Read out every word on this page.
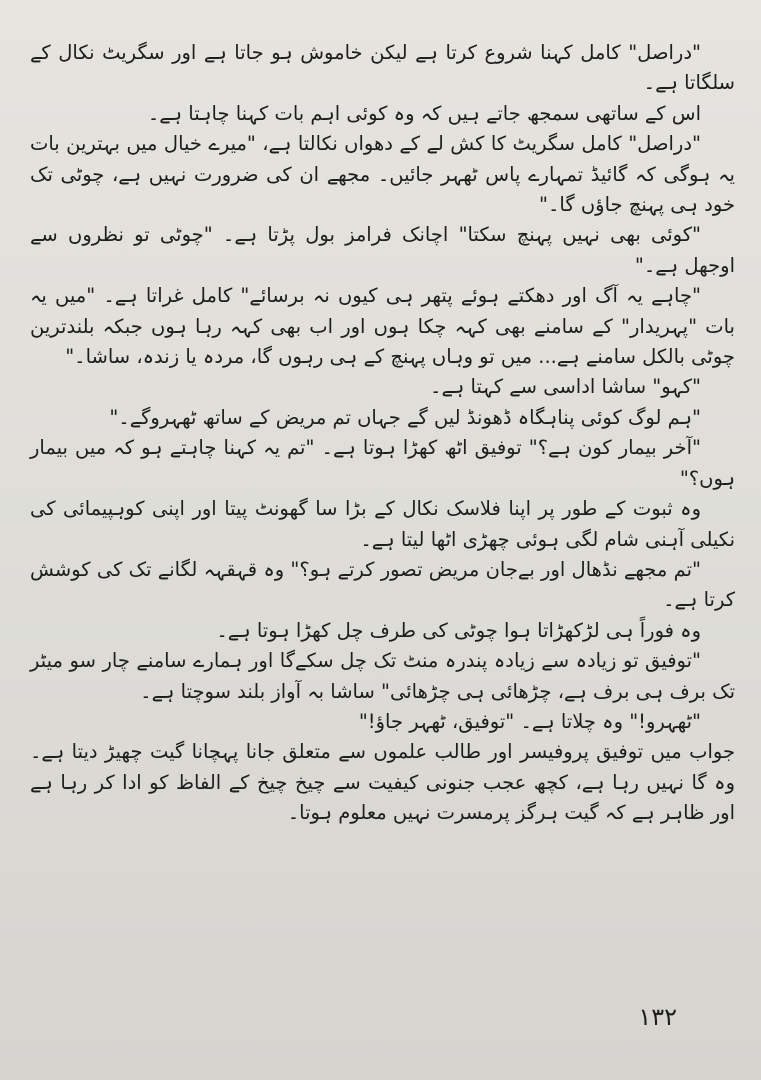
"دراصل" کامل کہنا شروع کرتا ہے لیکن خاموش ہو جاتا ہے اور سگریٹ نکال کے سلگاتا ہے۔

اس کے ساتھی سمجھ جاتے ہیں کہ وہ کوئی اہم بات کہنا چاہتا ہے۔

"دراصل" کامل سگریٹ کا کش لے کے دھواں نکالتا ہے، "میرے خیال میں بہترین بات یہ ہوگی کہ گائیڈ تمہارے پاس ٹھہر جائیں۔ مجھے ان کی ضرورت نہیں ہے، چوٹی تک خود ہی پہنچ جاؤں گا۔"

"کوئی بھی نہیں پہنچ سکتا" اچانک فرامز بول پڑتا ہے۔ "چوٹی تو نظروں سے اوجھل ہے۔"

"چاہے یہ آگ اور دھکتے ہوئے پتھر ہی کیوں نہ برسائے" کامل غراتا ہے۔ "میں یہ بات "پہریدار" کے سامنے بھی کہہ چکا ہوں اور اب بھی کہہ رہا ہوں جبکہ بلندترین چوٹی بالکل سامنے ہے... میں تو وہاں پہنچ کے ہی رہوں گا، مردہ یا زندہ، ساشا۔"

"کہو" ساشا اداسی سے کہتا ہے۔

"ہم لوگ کوئی پناہگاہ ڈھونڈ لیں گے جہاں تم مریض کے ساتھ ٹھہروگے۔"

"آخر بیمار کون ہے؟" توفیق اٹھ کھڑا ہوتا ہے۔ "تم یہ کہنا چاہتے ہو کہ میں بیمار ہوں؟"

وہ ثبوت کے طور پر اپنا فلاسک نکال کے بڑا سا گھونٹ پیتا اور اپنی کوہپیمائی کی نکیلی آہنی شام لگی ہوئی چھڑی اٹھا لیتا ہے۔

"تم مجھے نڈھال اور بےجان مریض تصور کرتے ہو؟" وہ قہقہہ لگانے تک کی کوشش کرتا ہے۔

وہ فوراً ہی لڑکھڑاتا ہوا چوٹی کی طرف چل کھڑا ہوتا ہے۔

"توفیق تو زیادہ سے زیادہ پندرہ منٹ تک چل سکےگا اور ہمارے سامنے چار سو میٹر تک برف ہی برف ہے، چڑھائی ہی چڑھائی" ساشا بہ آواز بلند سوچتا ہے۔

"ٹھہرو!" وہ چلاتا ہے۔ "توفیق، ٹھہر جاؤ!"

جواب میں توفیق پروفیسر اور طالب علموں سے متعلق جانا پہچانا گیت چھیڑ دیتا ہے۔ وہ گا نہیں رہا ہے، کچھ عجب جنونی کیفیت سے چیخ چیخ کے الفاظ کو ادا کر رہا ہے اور ظاہر ہے کہ گیت ہرگز پرمسرت نہیں معلوم ہوتا۔

۱۳۲
